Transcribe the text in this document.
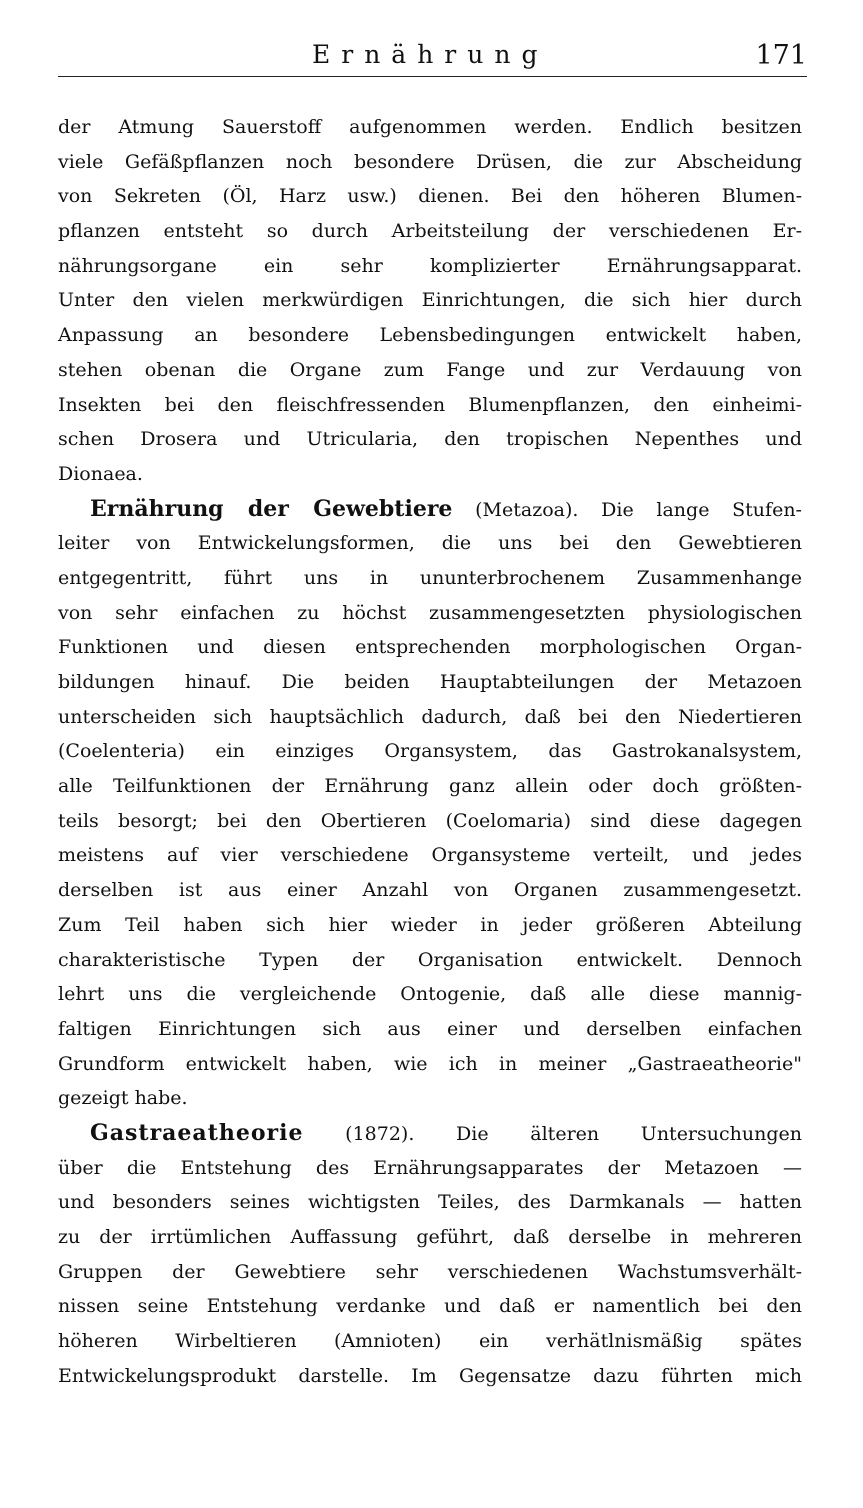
Ernährung	171
der Atmung Sauerstoff aufgenommen werden. Endlich besitzen
viele Gefäßpflanzen noch besondere Drüsen, die zur Abscheidung
von Sekreten (Öl, Harz usw.) dienen. Bei den höheren Blumen-
pflanzen entsteht so durch Arbeitsteilung der verschiedenen Er-
nährungsorgane ein sehr komplizierter Ernährungsapparat.
Unter den vielen merkwürdigen Einrichtungen, die sich hier durch
Anpassung an besondere Lebensbedingungen entwickelt haben,
stehen obenan die Organe zum Fange und zur Verdauung von
Insekten bei den fleischfressenden Blumenpflanzen, den einheimi-
schen Drosera und Utricularia, den tropischen Nepenthes und
Dionaea.
Ernährung der Gewebtiere (Metazoa). Die lange Stufen-
leiter von Entwickelungsformen, die uns bei den Gewebtieren
entgegentritt, führt uns in ununterbrochenem Zusammenhange
von sehr einfachen zu höchst zusammengesetzten physiologischen
Funktionen und diesen entsprechenden morphologischen Organ-
bildungen hinauf. Die beiden Hauptabteilungen der Metazoen
unterscheiden sich hauptsächlich dadurch, daß bei den Niedertieren
(Coelenteria) ein einziges Organsystem, das Gastrokanalsystem,
alle Teilfunktionen der Ernährung ganz allein oder doch größten-
teils besorgt; bei den Obertieren (Coelomaria) sind diese dagegen
meistens auf vier verschiedene Organsysteme verteilt, und jedes
derselben ist aus einer Anzahl von Organen zusammengesetzt.
Zum Teil haben sich hier wieder in jeder größeren Abteilung
charakteristische Typen der Organisation entwickelt. Dennoch
lehrt uns die vergleichende Ontogenie, daß alle diese mannig-
faltigen Einrichtungen sich aus einer und derselben einfachen
Grundform entwickelt haben, wie ich in meiner „Gastraeatheorie"
gezeigt habe.
Gastraeatheorie (1872). Die älteren Untersuchungen
über die Entstehung des Ernährungsapparates der Metazoen —
und besonders seines wichtigsten Teiles, des Darmkanals — hatten
zu der irrtümlichen Auffassung geführt, daß derselbe in mehreren
Gruppen der Gewebtiere sehr verschiedenen Wachstumsverhält-
nissen seine Entstehung verdanke und daß er namentlich bei den
höheren Wirbeltieren (Amnioten) ein verhätlnismäßig spätes
Entwickelungsprodukt darstelle. Im Gegensatze dazu führten mich
